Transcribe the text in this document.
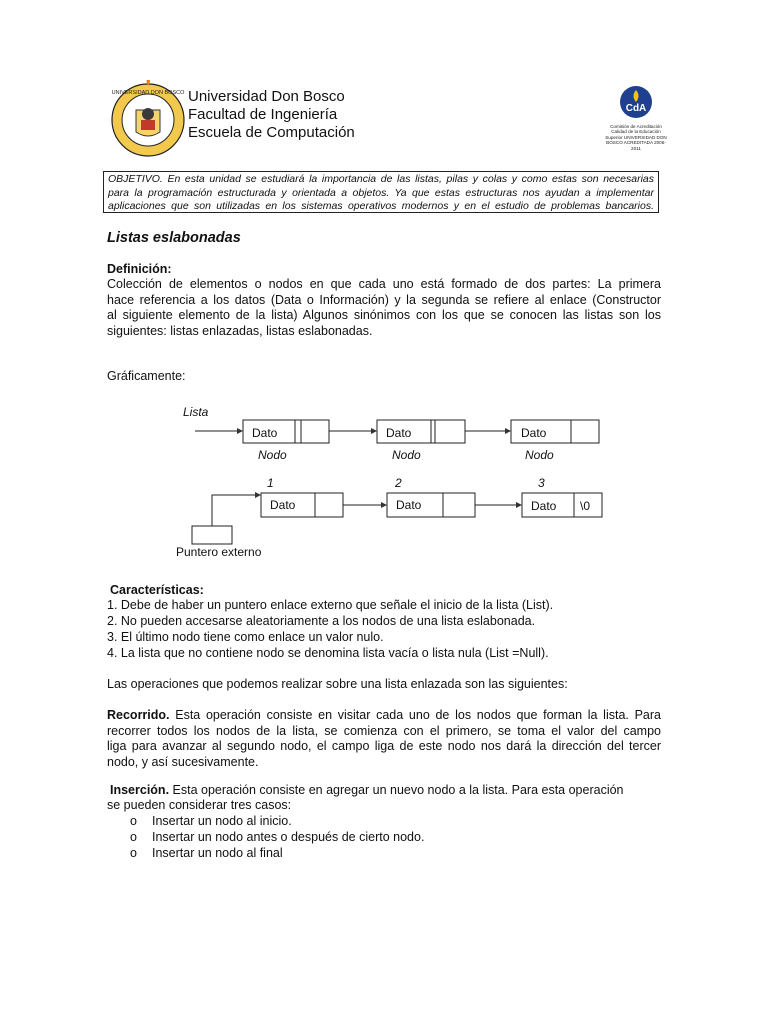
UNIVERSIDAD DON BOSCO Universidad Don Bosco
Facultad de Ingeniería
Escuela de Computación
CdA
Comisión de Acreditación Calidad de la Educación Superior UNIVERSIDAD DON BOSCO ACREDITADA 2006-2011
OBJETIVO. En esta unidad se estudiará la importancia de las listas, pilas y colas y como estas son necesarias
para la programación estructurada y orientada a objetos. Ya que estas estructuras nos ayudan a implementar
aplicaciones que son utilizadas en los sistemas operativos modernos y en el estudio de problemas bancarios.
Listas eslabonadas
Definición:
Colección de elementos o nodos en que cada uno está formado de dos partes: La primera
hace referencia a los datos (Data o Información) y la segunda se refiere al enlace (Constructor
al siguiente elemento de la lista) Algunos sinónimos con los que se conocen las listas son los
siguientes: listas enlazadas, listas eslabonadas.
Gráficamente:
Lista
Dato	Dato	Dato
Nodo	Nodo	Nodo
1	2	3
Dato	Dato	Dato \0
Puntero externo
Características:
1. Debe de haber un puntero enlace externo que señale el inicio de la lista (List).
2. No pueden accesarse aleatoriamente a los nodos de una lista eslabonada.
3. El último nodo tiene como enlace un valor nulo.
4. La lista que no contiene nodo se denomina lista vacía o lista nula (List =Null).
Las operaciones que podemos realizar sobre una lista enlazada son las siguientes:
Recorrido. Esta operación consiste en visitar cada uno de los nodos que forman la lista. Para
recorrer todos los nodos de la lista, se comienza con el primero, se toma el valor del campo
liga para avanzar al segundo nodo, el campo liga de este nodo nos dará la dirección del tercer
nodo, y así sucesivamente.
Inserción. Esta operación consiste en agregar un nuevo nodo a la lista. Para esta operación
se pueden considerar tres casos:
o Insertar un nodo al inicio.
o Insertar un nodo antes o después de cierto nodo.
o Insertar un nodo al final
